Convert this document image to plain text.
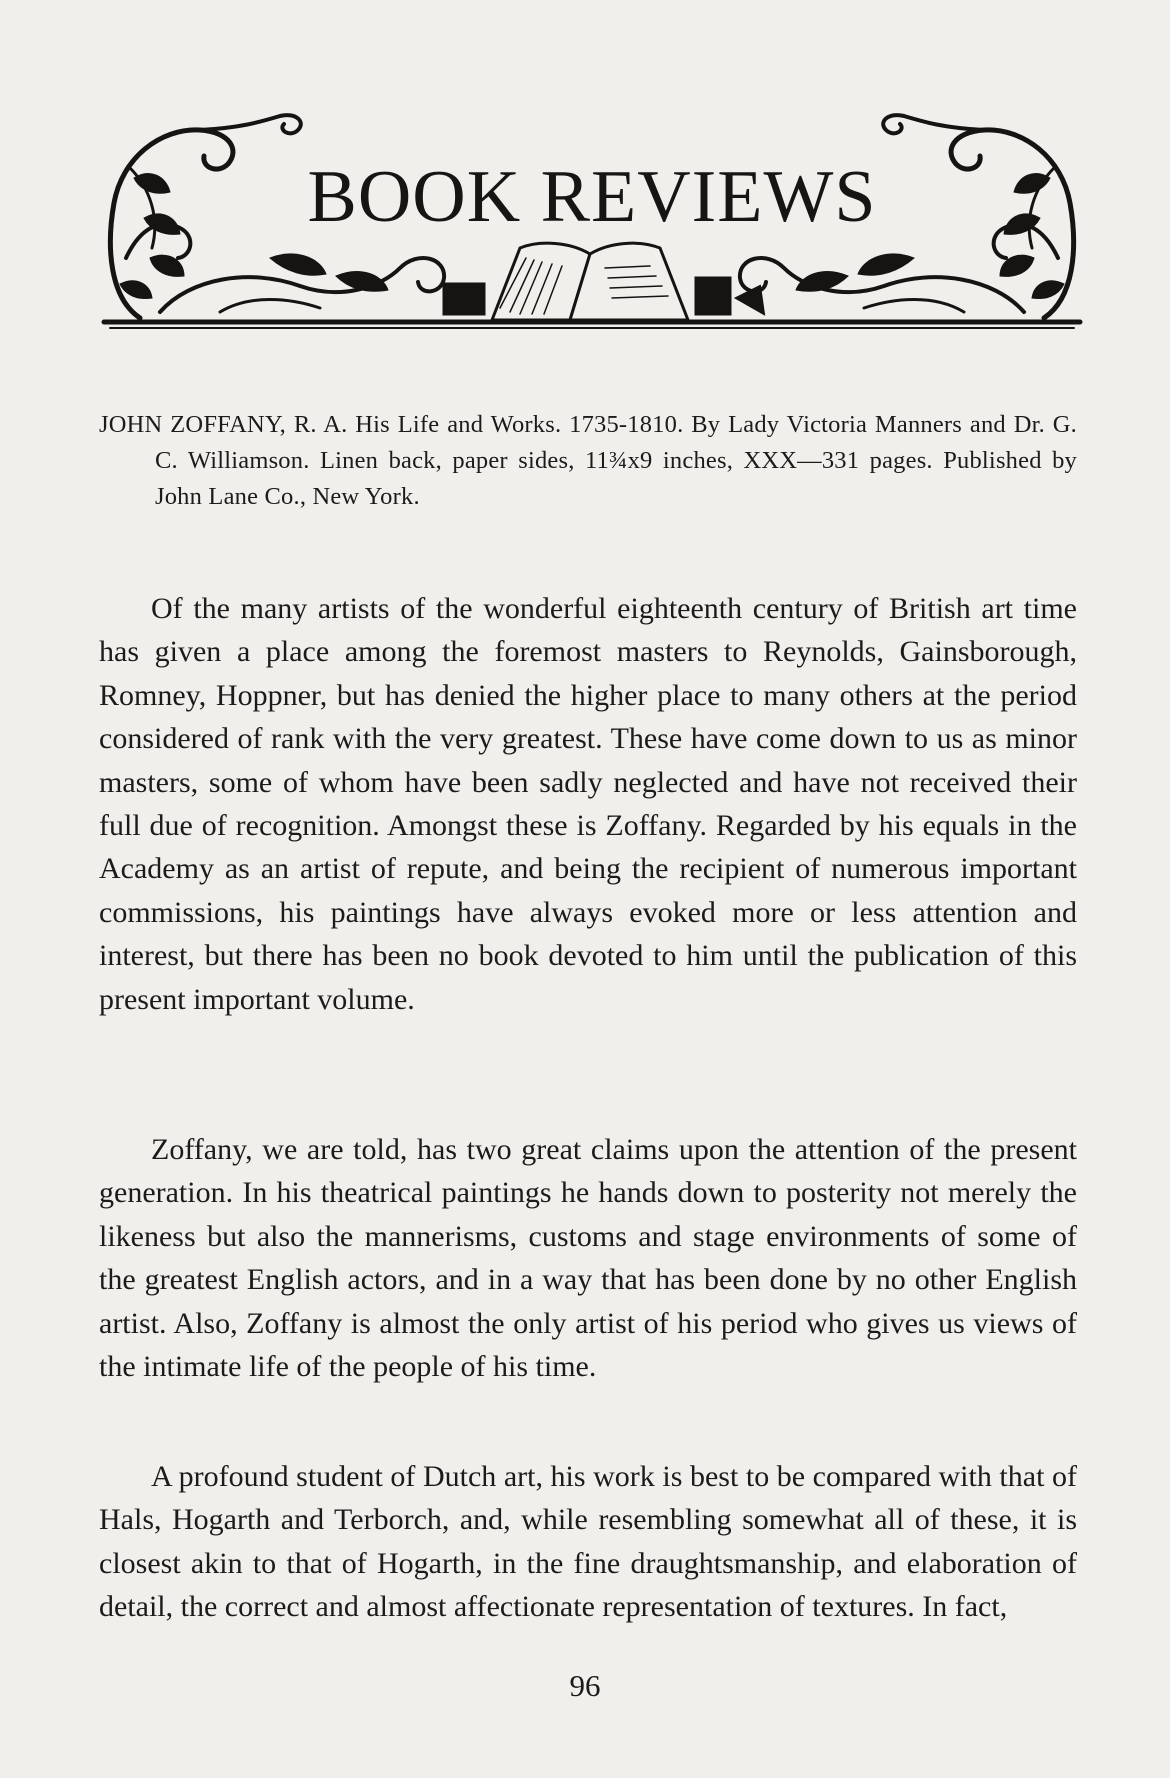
BOOK REVIEWS

JOHN ZOFFANY, R. A. His Life and Works. 1735-1810. By Lady Victoria Manners and Dr. G. C. Williamson. Linen back, paper sides, 11¾x9 inches, XXX—331 pages. Published by John Lane Co., New York.

Of the many artists of the wonderful eighteenth century of British art time has given a place among the foremost masters to Reynolds, Gainsborough, Romney, Hoppner, but has denied the higher place to many others at the period considered of rank with the very greatest. These have come down to us as minor masters, some of whom have been sadly neglected and have not received their full due of recognition. Amongst these is Zoffany. Regarded by his equals in the Academy as an artist of repute, and being the recipient of numerous important commissions, his paintings have always evoked more or less attention and interest, but there has been no book devoted to him until the publication of this present important volume.

Zoffany, we are told, has two great claims upon the attention of the present generation. In his theatrical paintings he hands down to posterity not merely the likeness but also the mannerisms, customs and stage environments of some of the greatest English actors, and in a way that has been done by no other English artist. Also, Zoffany is almost the only artist of his period who gives us views of the intimate life of the people of his time.

A profound student of Dutch art, his work is best to be compared with that of Hals, Hogarth and Terborch, and, while resembling somewhat all of these, it is closest akin to that of Hogarth, in the fine draughtsmanship, and elaboration of detail, the correct and almost affectionate representation of textures. In fact,

96
